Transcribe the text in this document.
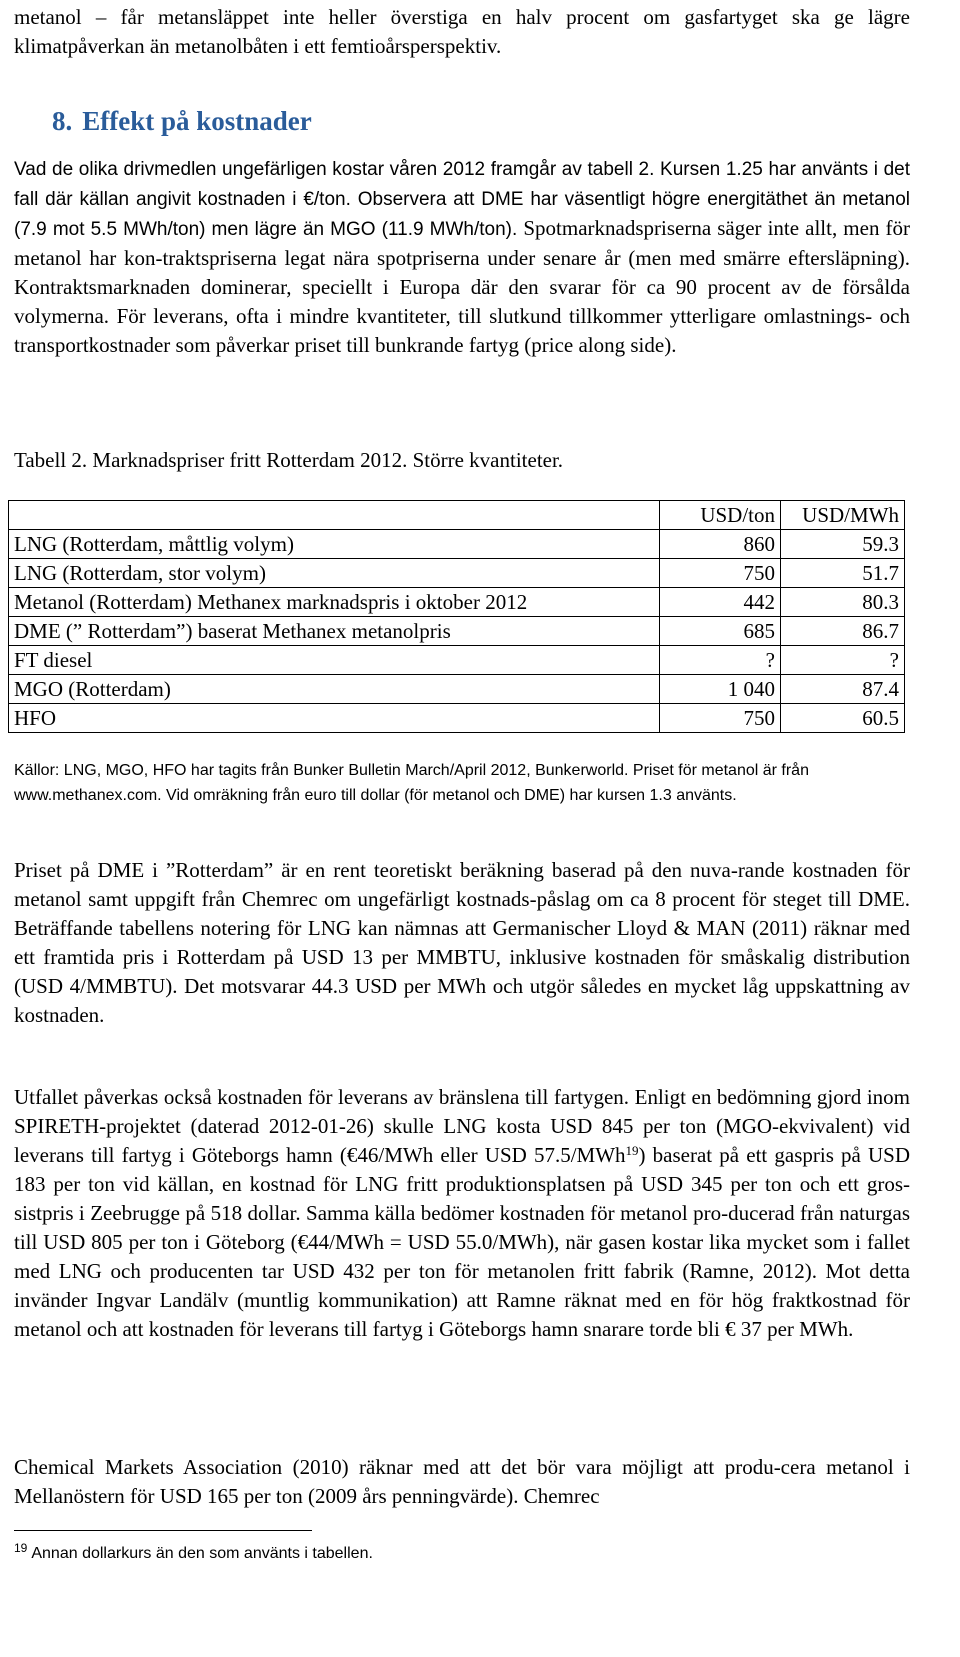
metanol – får metansläppet inte heller överstiga en halv procent om gasfartyget ska ge lägre klimatpåverkan än metanolbåten i ett femtioårsperspektiv.

8. Effekt på kostnader

Vad de olika drivmedlen ungefärligen kostar våren 2012 framgår av tabell 2. Kursen 1.25 har använts i det fall där källan angivit kostnaden i €/ton. Observera att DME har väsentligt högre energitäthet än metanol (7.9 mot 5.5 MWh/ton) men lägre än MGO (11.9 MWh/ton). Spotmarknadspriserna säger inte allt, men för metanol har kon-traktspriserna legat nära spotpriserna under senare år (men med smärre eftersläpning). Kontraktsmarknaden dominerar, speciellt i Europa där den svarar för ca 90 procent av de försålda volymerna. För leverans, ofta i mindre kvantiteter, till slutkund tillkommer ytterligare omlastnings- och transportkostnader som påverkar priset till bunkrande fartyg (price along side).

Tabell 2. Marknadspriser fritt Rotterdam 2012. Större kvantiteter.

	USD/ton	USD/MWh
LNG (Rotterdam, måttlig volym)	860	59.3
LNG (Rotterdam, stor volym)	750	51.7
Metanol (Rotterdam) Methanex marknadspris i oktober 2012	442	80.3
DME (” Rotterdam”) baserat Methanex metanolpris	685	86.7
FT diesel	?	?
MGO (Rotterdam)	1 040	87.4
HFO	750	60.5

Källor: LNG, MGO, HFO har tagits från Bunker Bulletin March/April 2012, Bunkerworld. Priset för metanol är från www.methanex.com. Vid omräkning från euro till dollar (för metanol och DME) har kursen 1.3 använts.

Priset på DME i ”Rotterdam” är en rent teoretiskt beräkning baserad på den nuva-rande kostnaden för metanol samt uppgift från Chemrec om ungefärligt kostnads-påslag om ca 8 procent för steget till DME. Beträffande tabellens notering för LNG kan nämnas att Germanischer Lloyd & MAN (2011) räknar med ett framtida pris i Rotterdam på USD 13 per MMBTU, inklusive kostnaden för småskalig distribution (USD 4/MMBTU). Det motsvarar 44.3 USD per MWh och utgör således en mycket låg uppskattning av kostnaden.

Utfallet påverkas också kostnaden för leverans av bränslena till fartygen. Enligt en bedömning gjord inom SPIRETH-projektet (daterad 2012-01-26) skulle LNG kosta USD 845 per ton (MGO-ekvivalent) vid leverans till fartyg i Göteborgs hamn (€46/MWh eller USD 57.5/MWh$^{19}$) baserat på ett gaspris på USD 183 per ton vid källan, en kostnad för LNG fritt produktionsplatsen på USD 345 per ton och ett gros-sistpris i Zeebrugge på 518 dollar. Samma källa bedömer kostnaden för metanol pro-ducerad från naturgas till USD 805 per ton i Göteborg (€44/MWh = USD 55.0/MWh), när gasen kostar lika mycket som i fallet med LNG och producenten tar USD 432 per ton för metanolen fritt fabrik (Ramne, 2012). Mot detta invänder Ingvar Landälv (muntlig kommunikation) att Ramne räknat med en för hög fraktkostnad för metanol och att kostnaden för leverans till fartyg i Göteborgs hamn snarare torde bli € 37 per MWh.

Chemical Markets Association (2010) räknar med att det bör vara möjligt att produ-cera metanol i Mellanöstern för USD 165 per ton (2009 års penningvärde). Chemrec

$^{19}$ Annan dollarkurs än den som använts i tabellen.
